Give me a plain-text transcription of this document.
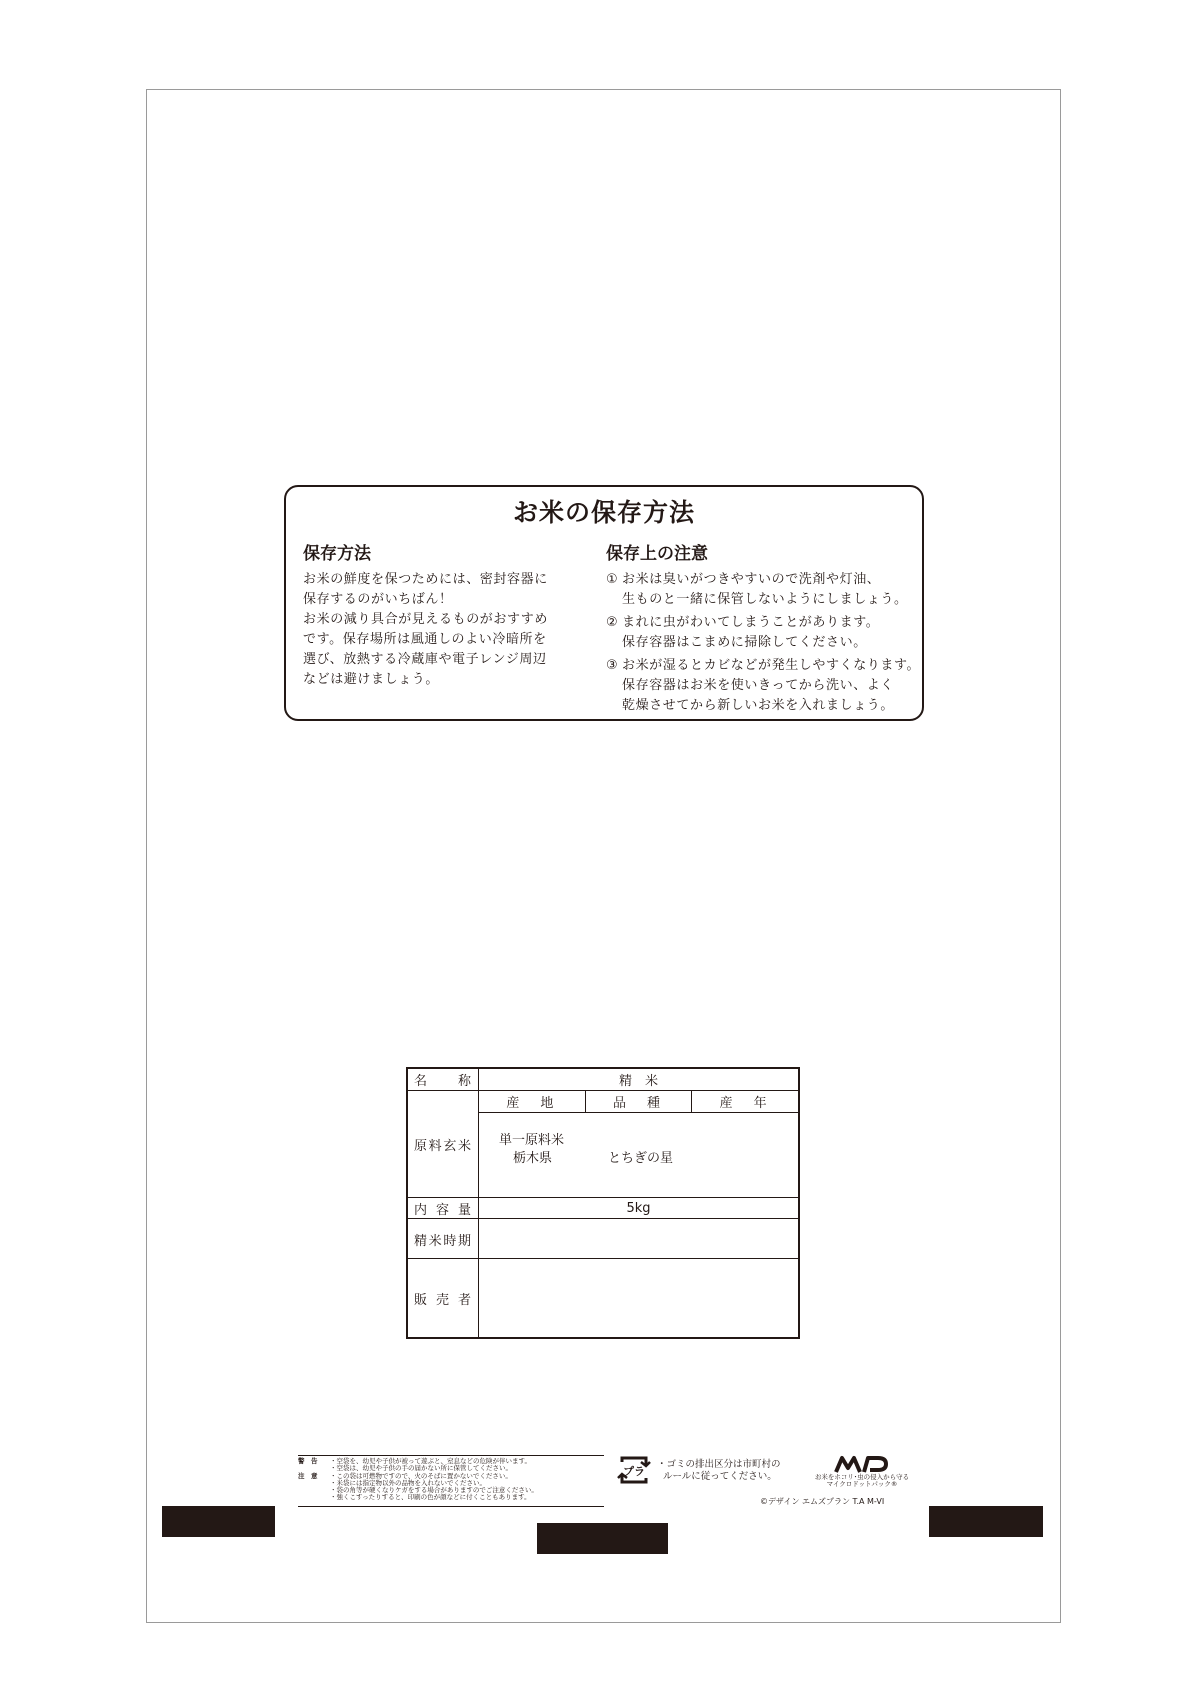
お米の保存方法
保存方法

お米の鮮度を保つためには、密封容器に

保存するのがいちばん！

お米の減り具合が見えるものがおすすめ

です。保存場所は風通しのよい冷暗所を

選び、放熱する冷蔵庫や電子レンジ周辺

などは避けましょう。

保存上の注意
① お米は臭いがつきやすいので洗剤や灯油、
生ものと一緒に保管しないようにしましょう。
② まれに虫がわいてしまうことがあります。
保存容器はこまめに掃除してください。
③ お米が湿るとカビなどが発生しやすくなります。
保存容器はお米を使いきってから洗い、よく
乾燥させてから新しいお米を入れましょう。
名称	精　米
原料玄米
産　地	品　種	産　年
単一原料米
栃木県	とちぎの星
内容量	5kg
精米時期
販売者
警　告	・空袋を、幼児や子供が被って遊ぶと、窒息などの危険が伴います。
・空袋は、幼児や子供の手の届かない所に保管してください。
注　意	・この袋は可燃物ですので、火のそばに置かないでください。
・米袋には指定物以外の品物を入れないでください。
・袋の角等が硬くなりケガをする場合がありますのでご注意ください。
・強くこすったりすると、印刷の色が顔などに付くこともあります。
プラ
・ゴミの排出区分は市町村の
ルールに従ってください。	お米をホコリ･虫の侵入から守る
マイクロドットパック®
©デザイン エムズプラン T.A M-VI
